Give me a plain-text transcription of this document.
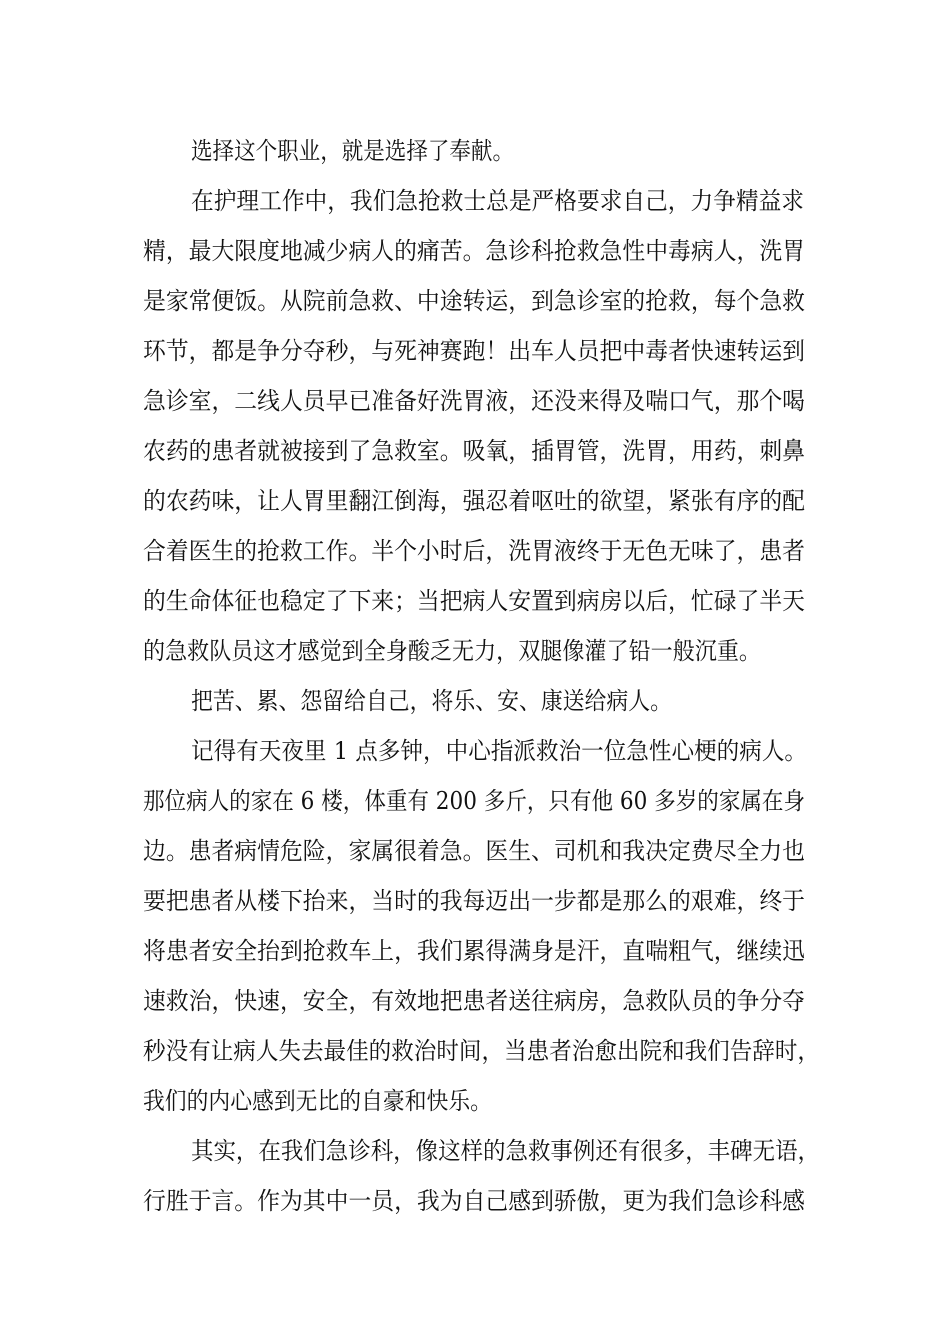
选择这个职业，就是选择了奉献。
在护理工作中，我们急抢救士总是严格要求自己，力争精益求
精，最大限度地减少病人的痛苦。急诊科抢救急性中毒病人，洗胃
是家常便饭。从院前急救、中途转运，到急诊室的抢救，每个急救
环节，都是争分夺秒，与死神赛跑！出车人员把中毒者快速转运到
急诊室，二线人员早已准备好洗胃液，还没来得及喘口气，那个喝
农药的患者就被接到了急救室。吸氧，插胃管，洗胃，用药，刺鼻
的农药味，让人胃里翻江倒海，强忍着呕吐的欲望，紧张有序的配
合着医生的抢救工作。半个小时后，洗胃液终于无色无味了，患者
的生命体征也稳定了下来；当把病人安置到病房以后，忙碌了半天
的急救队员这才感觉到全身酸乏无力，双腿像灌了铅一般沉重。
把苦、累、怨留给自己，将乐、安、康送给病人。
记得有天夜里 1 点多钟，中心指派救治一位急性心梗的病人。
那位病人的家在 6 楼，体重有 200 多斤，只有他 60 多岁的家属在身
边。患者病情危险，家属很着急。医生、司机和我决定费尽全力也
要把患者从楼下抬来，当时的我每迈出一步都是那么的艰难，终于
将患者安全抬到抢救车上，我们累得满身是汗，直喘粗气，继续迅
速救治，快速，安全，有效地把患者送往病房，急救队员的争分夺
秒没有让病人失去最佳的救治时间，当患者治愈出院和我们告辞时，
我们的内心感到无比的自豪和快乐。
其实，在我们急诊科，像这样的急救事例还有很多，丰碑无语，
行胜于言。作为其中一员，我为自己感到骄傲，更为我们急诊科感
